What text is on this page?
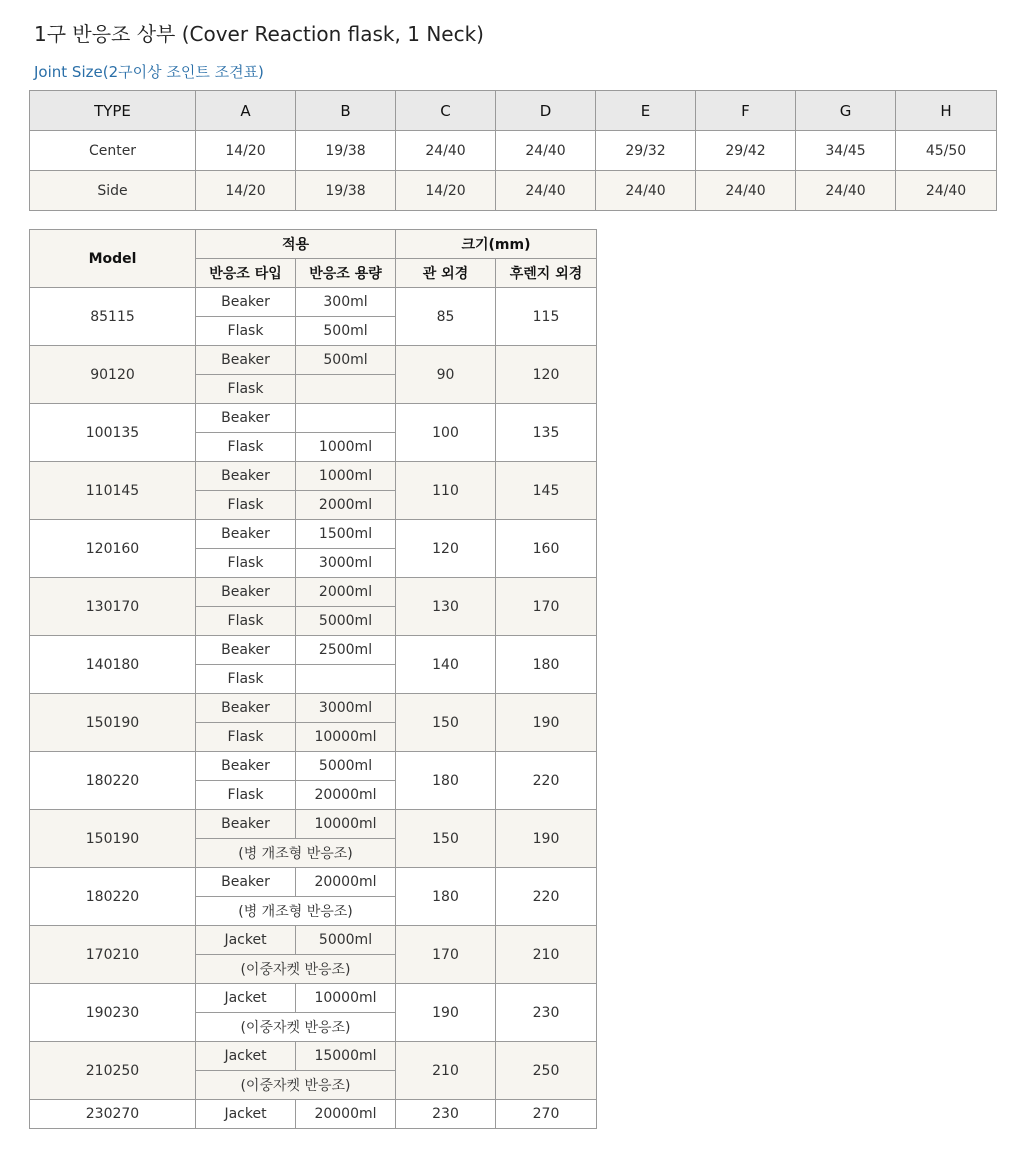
1구 반응조 상부 (Cover Reaction flask, 1 Neck)
Joint Size(2구이상 조인트 조견표)
TYPE	A	B	C	D	E	F	G	H
Center	14/20	19/38	24/40	24/40	29/32	29/42	34/45	45/50
Side	14/20	19/38	14/20	24/40	24/40	24/40	24/40	24/40
Model	적용		크기(mm)	
	반응조 타입	반응조 용량	관 외경	후렌지 외경
85115	Beaker	300ml	85	115
	Flask	500ml		
90120	Beaker	500ml	90	120
	Flask			
100135	Beaker		100	135
	Flask	1000ml		
110145	Beaker	1000ml	110	145
	Flask	2000ml		
120160	Beaker	1500ml	120	160
	Flask	3000ml		
130170	Beaker	2000ml	130	170
	Flask	5000ml		
140180	Beaker	2500ml	140	180
	Flask			
150190	Beaker	3000ml	150	190
	Flask	10000ml		
180220	Beaker	5000ml	180	220
	Flask	20000ml		
150190	Beaker	10000ml	150	190
	(병 개조형 반응조)			
180220	Beaker	20000ml	180	220
	(병 개조형 반응조)			
170210	Jacket	5000ml	170	210
	(이중자켓 반응조)			
190230	Jacket	10000ml	190	230
	(이중자켓 반응조)			
210250	Jacket	15000ml	210	250
	(이중자켓 반응조)			
230270	Jacket	20000ml	230	270
